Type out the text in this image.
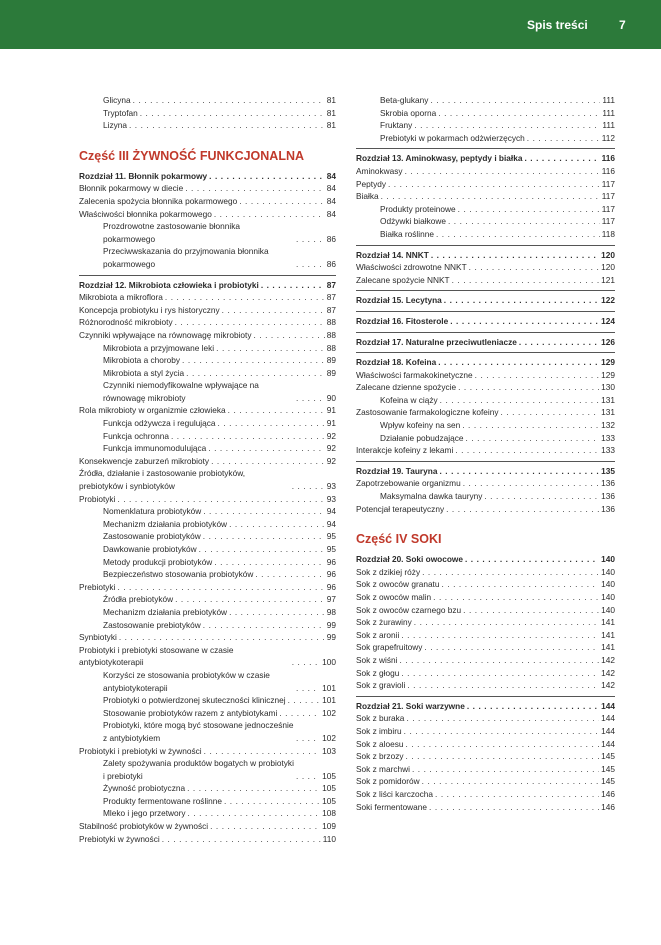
Spis treści	7
Glicyna . . .	81
Tryptofan . . .	81
Lizyna . . .	81
Część III ŻYWNOŚĆ FUNKCJONALNA
Rozdział 11. Błonnik pokarmowy . . .	84
Błonnik pokarmowy w diecie . . .	84
Zalecenia spożycia błonnika pokarmowego . . .	84
Właściwości błonnika pokarmowego . . .	84
Prozdrowotne zastosowanie błonnika pokarmowego . . .	86
Przeciwwskazania do przyjmowania błonnika pokarmowego . . .	86
Rozdział 12. Mikrobiota człowieka i probiotyki . . .	87
Mikrobiota a mikroflora . . .	87
Koncepcja probiotyku i rys historyczny . . .	87
Różnorodność mikrobioty . . .	88
Czynniki wpływające na równowagę mikrobioty . . .	88
Mikrobiota a przyjmowane leki . . .	88
Mikrobiota a choroby . . .	89
Mikrobiota a styl życia . . .	89
Czynniki niemodyfikowalne wpływające na równowagę mikrobioty . . .	90
Rola mikrobioty w organizmie człowieka . . .	91
Funkcja odżywcza i regulująca . . .	91
Funkcja ochronna . . .	92
Funkcja immunomodulująca . . .	92
Konsekwencje zaburzeń mikrobioty . . .	92
Źródła, działanie i zastosowanie probiotyków, prebiotyków i synbiotyków . . .	93
Probiotyki . . .	93
Nomenklatura probiotyków . . .	94
Mechanizm działania probiotyków . . .	94
Zastosowanie probiotyków . . .	95
Dawkowanie probiotyków . . .	95
Metody produkcji probiotyków . . .	96
Bezpieczeństwo stosowania probiotyków . . .	96
Prebiotyki . . .	96
Źródła prebiotyków . . .	97
Mechanizm działania prebiotyków . . .	98
Zastosowanie prebiotyków . . .	99
Synbiotyki . . .	99
Probiotyki i prebiotyki stosowane w czasie antybiotykoterapii . . .	100
Korzyści ze stosowania probiotyków w czasie antybiotykoterapii . . .	101
Probiotyki o potwierdzonej skuteczności klinicznej . . .	101
Stosowanie probiotyków razem z antybiotykami . . .	102
Probiotyki, które mogą być stosowane jednocześnie z antybiotykiem . . .	102
Probiotyki i prebiotyki w żywności . . .	103
Zalety spożywania produktów bogatych w probiotyki i prebiotyki . . .	105
Żywność probiotyczna . . .	105
Produkty fermentowane roślinne . . .	105
Mleko i jego przetwory . . .	108
Stabilność probiotyków w żywności . . .	109
Prebiotyki w żywności . . .	110
Beta-glukany . . .	111
Skrobia oporna . . .	111
Fruktany . . .	111
Prebiotyki w pokarmach odżwierzęcych . . .	112
Rozdział 13. Aminokwasy, peptydy i białka . . .	116
Aminokwasy . . .	116
Peptydy . . .	117
Białka . . .	117
Produkty proteinowe . . .	117
Odżywki białkowe . . .	117
Białka roślinne . . .	118
Rozdział 14. NNKT . . .	120
Właściwości zdrowotne NNKT . . .	120
Zalecane spożycie NNKT . . .	121
Rozdział 15. Lecytyna . . .	122
Rozdział 16. Fitosterole . . .	124
Rozdział 17. Naturalne przeciwutleniacze . . .	126
Rozdział 18. Kofeina . . .	129
Właściwości farmakokinetyczne . . .	129
Zalecane dzienne spożycie . . .	130
Kofeina w ciąży . . .	131
Zastosowanie farmakologiczne kofeiny . . .	131
Wpływ kofeiny na sen . . .	132
Działanie pobudzające . . .	133
Interakcje kofeiny z lekami . . .	133
Rozdział 19. Tauryna . . .	135
Zapotrzebowanie organizmu . . .	136
Maksymalna dawka tauryny . . .	136
Potencjał terapeutyczny . . .	136
Część IV SOKI
Rozdział 20. Soki owocowe . . .	140
Sok z dzikiej róży . . .	140
Sok z owoców granatu . . .	140
Sok z owoców malin . . .	140
Sok z owoców czarnego bzu . . .	140
Sok z żurawiny . . .	141
Sok z aronii . . .	141
Sok grapefruitowy . . .	141
Sok z wiśni . . .	142
Sok z głogu . . .	142
Sok z gravioli . . .	142
Rozdział 21. Soki warzywne . . .	144
Sok z buraka . . .	144
Sok z imbiru . . .	144
Sok z aloesu . . .	144
Sok z brzozy . . .	145
Sok z marchwi . . .	145
Sok z pomidorów . . .	145
Sok z liści karczocha . . .	146
Soki fermentowane . . .	146
